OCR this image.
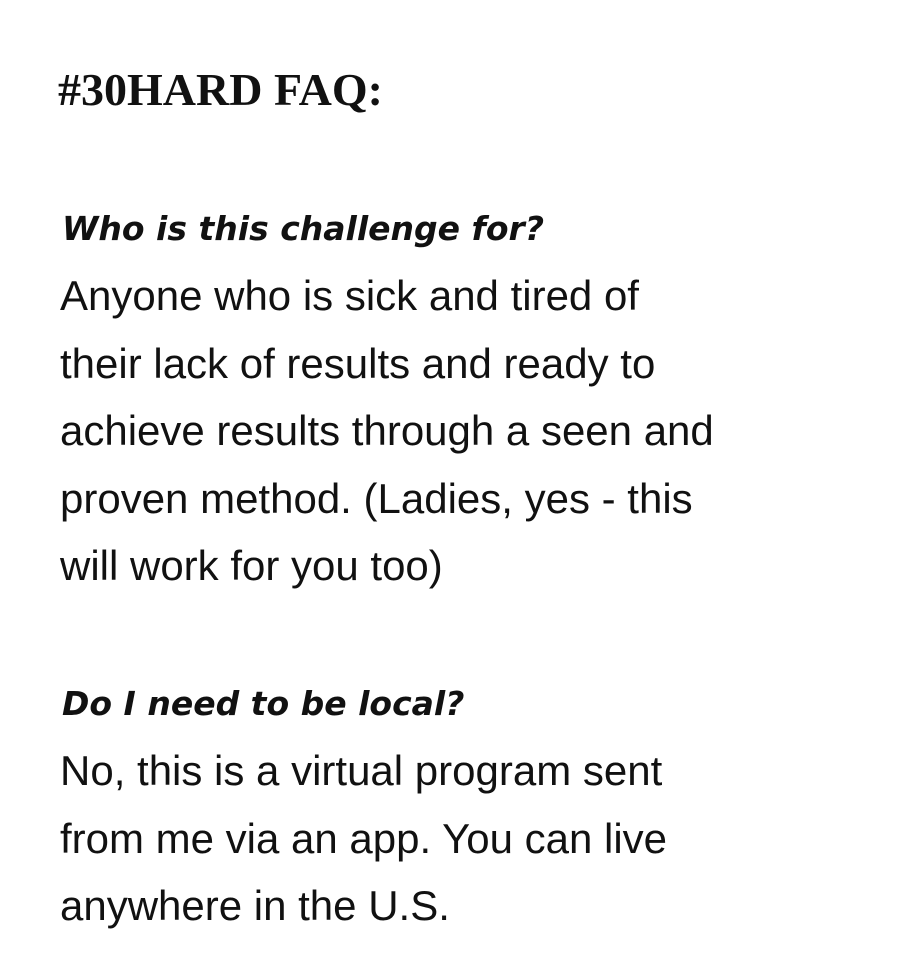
#30HARD FAQ:

Who is this challenge for?

Anyone who is sick and tired of
their lack of results and ready to
achieve results through a seen and
proven method. (Ladies, yes - this
will work for you too)

Do I need to be local?

No, this is a virtual program sent
from me via an app. You can live
anywhere in the U.S.
